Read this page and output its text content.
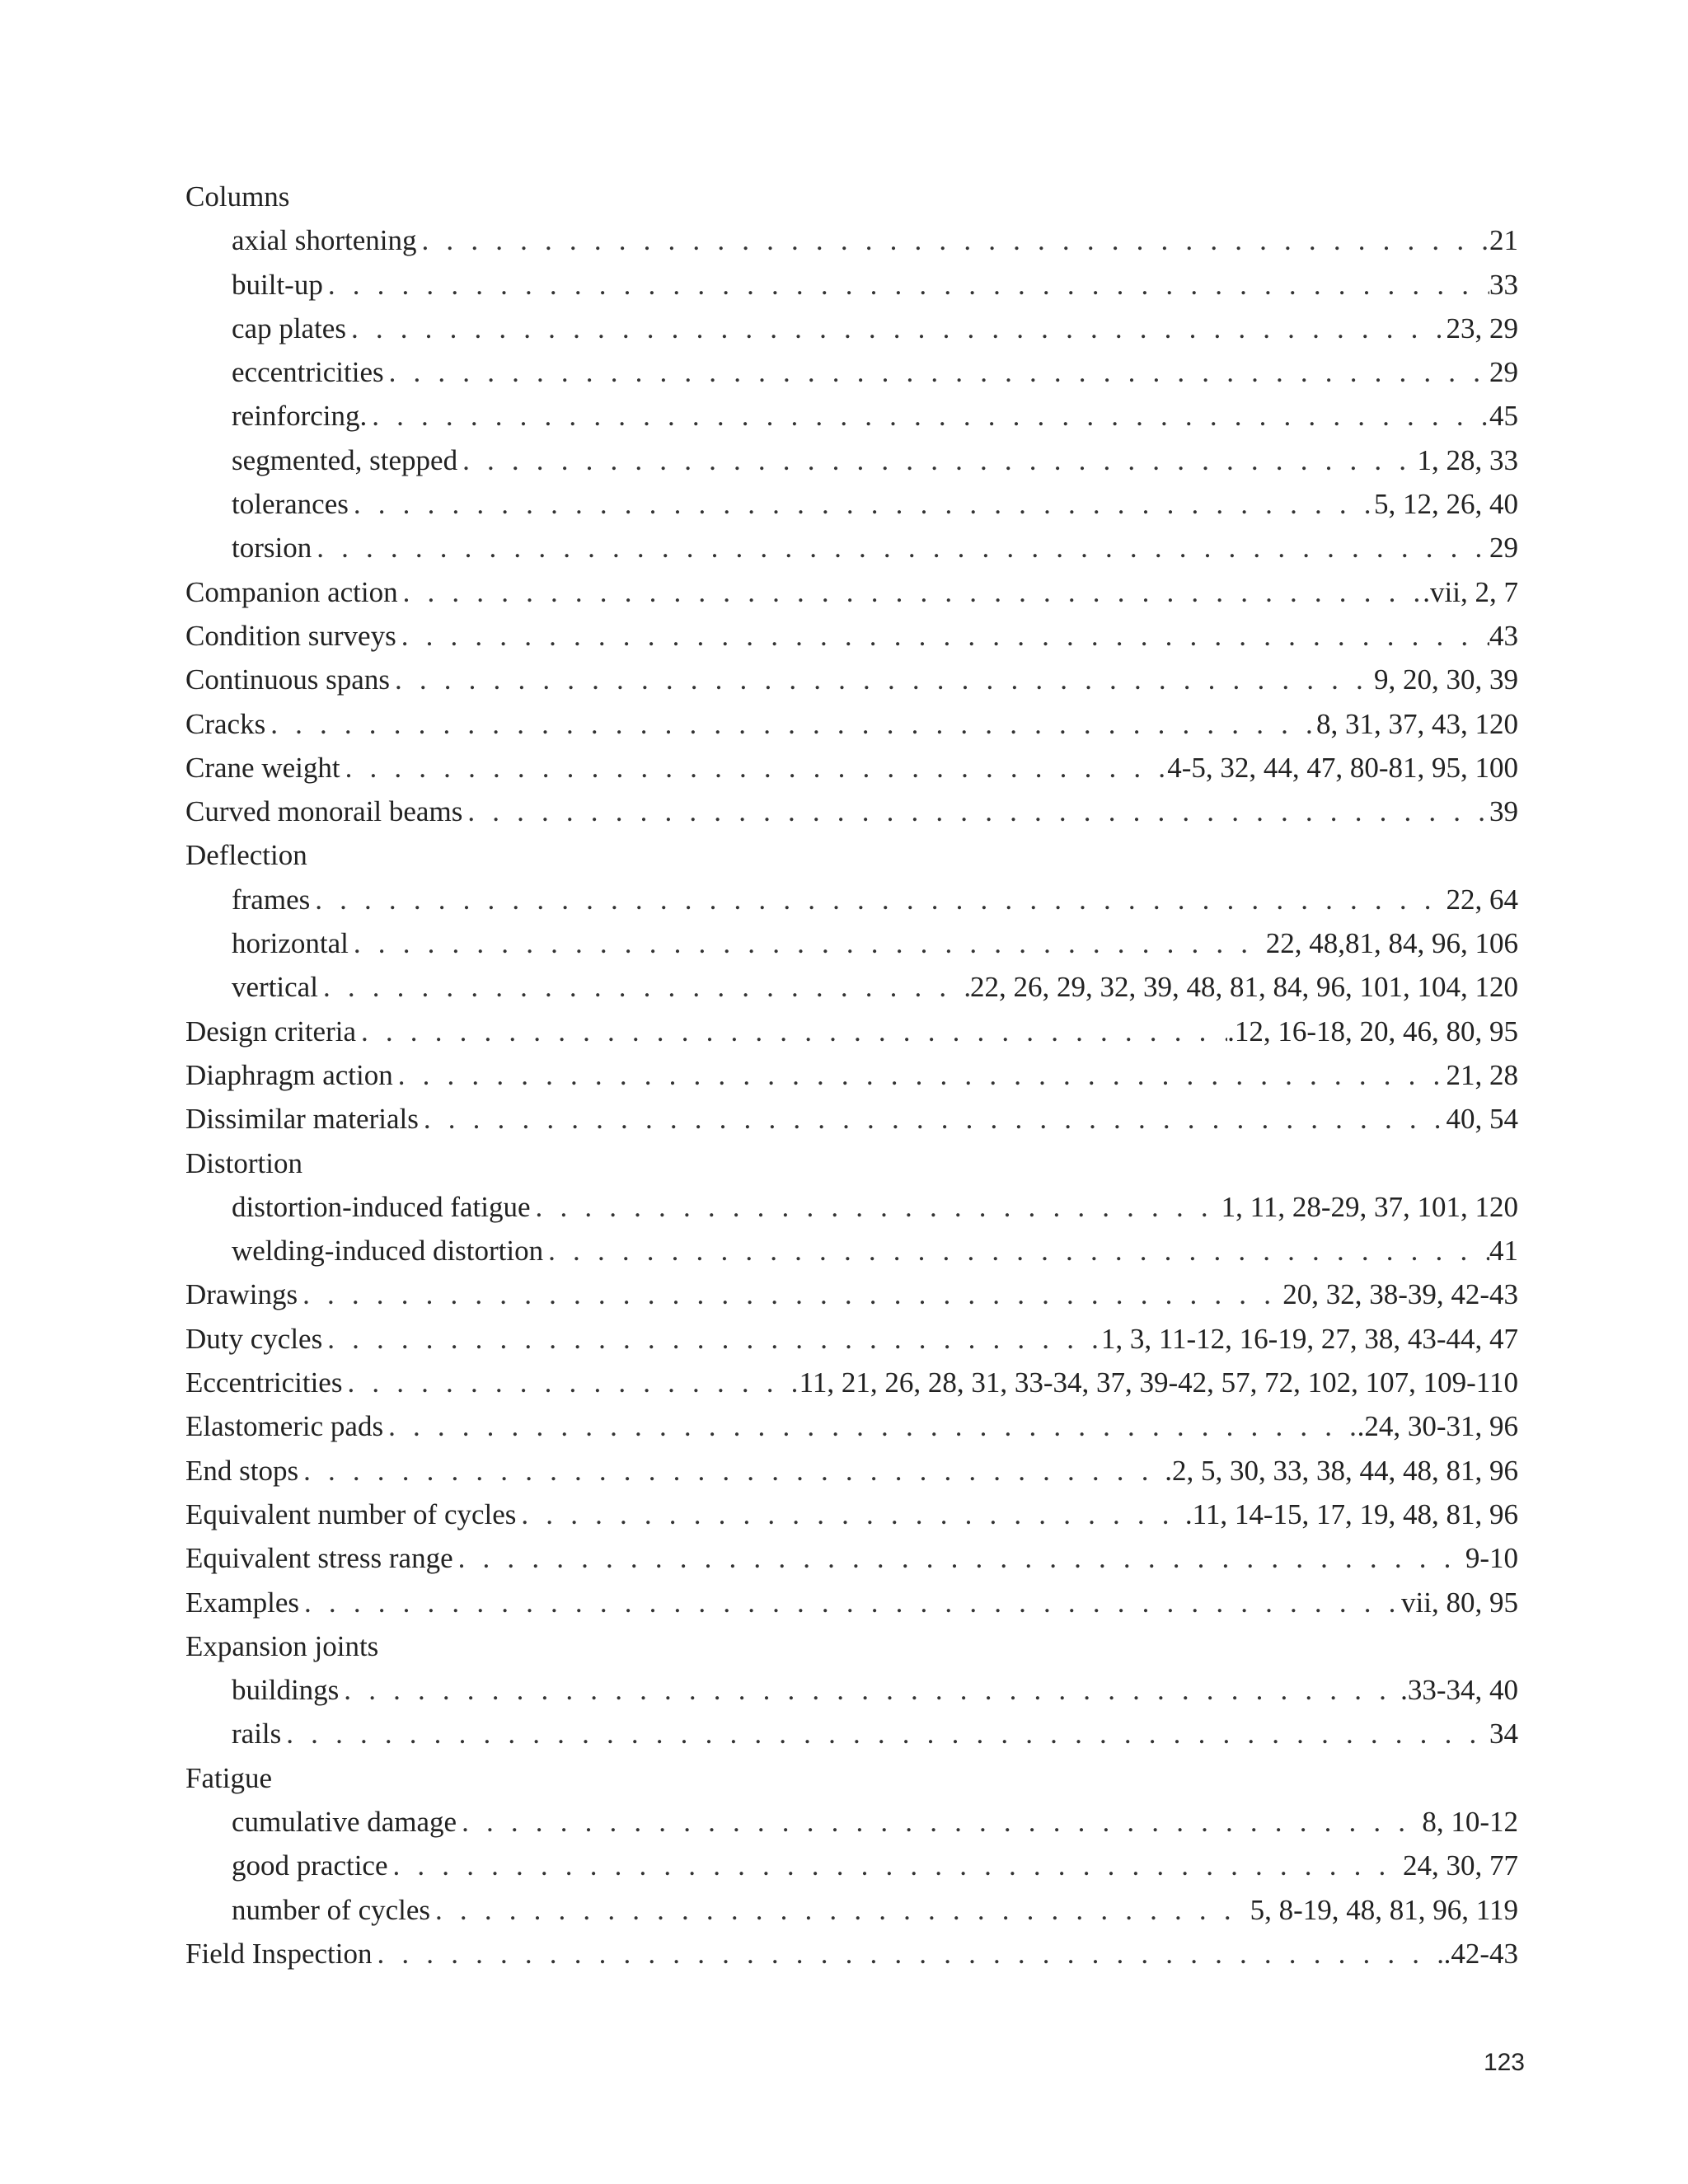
Columns
axial shortening . . .	21
built-up . . .	33
cap plates . . .	23, 29
eccentricities . . .	29
reinforcing. . . .	45
segmented, stepped . . .	1, 28, 33
tolerances . . .	5, 12, 26, 40
torsion . . .	29
Companion action . . .	.vii, 2, 7
Condition surveys . . .	43
Continuous spans . . .	9, 20, 30, 39
Cracks . . .	8, 31, 37, 43, 120
Crane weight . . .	4-5, 32, 44, 47, 80-81, 95, 100
Curved monorail beams . . .	39
Deflection
frames . . .	22, 64
horizontal . . .	22, 48,81, 84, 96, 106
vertical . . .	22, 26, 29, 32, 39, 48, 81, 84, 96, 101, 104, 120
Design criteria . . .	.12, 16-18, 20, 46, 80, 95
Diaphragm action . . .	21, 28
Dissimilar materials . . .	40, 54
Distortion
distortion-induced fatigue . . .	1, 11, 28-29, 37, 101, 120
welding-induced distortion . . .	41
Drawings . . .	20, 32, 38-39, 42-43
Duty cycles . . .	1, 3, 11-12, 16-19, 27, 38, 43-44, 47
Eccentricities . . .	11, 21, 26, 28, 31, 33-34, 37, 39-42, 57, 72, 102, 107, 109-110
Elastomeric pads . . .	.24, 30-31, 96
End stops . . .	.2, 5, 30, 33, 38, 44, 48, 81, 96
Equivalent number of cycles . . .	.11, 14-15, 17, 19, 48, 81, 96
Equivalent stress range . . .	9-10
Examples . . .	vii, 80, 95
Expansion joints
buildings . . .	.33-34, 40
rails . . .	34
Fatigue
cumulative damage . . .	8, 10-12
good practice . . .	24, 30, 77
number of cycles . . .	5, 8-19, 48, 81, 96, 119
Field Inspection . . .	.42-43
123
